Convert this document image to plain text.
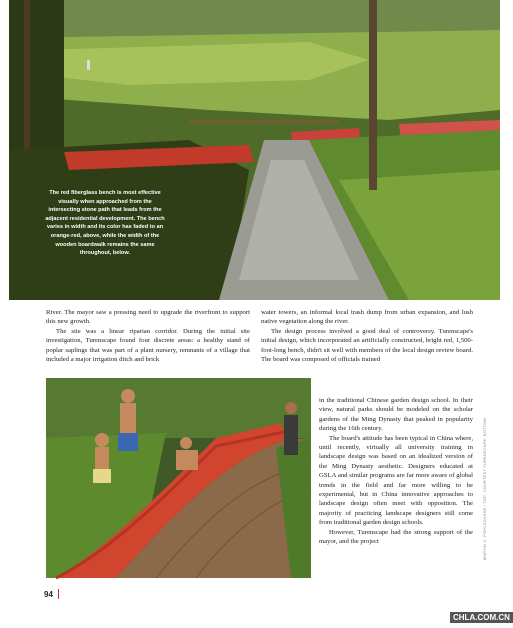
The red fiberglass bench is most effective visually when approached from the intersecting stone path that leads from the adjacent residential development. The bench varies in width and its color has faded to an orange-red, above, while the width of the wooden boardwalk remains the same throughout, below.

River. The mayor saw a pressing need to upgrade the riverfront to support this new growth.

The site was a linear riparian corridor. During the initial site investigation, Turenscape found four discrete areas: a healthy stand of poplar saplings that was part of a plant nursery, remnants of a village that included a major irrigation ditch and brick

water towers, an informal local trash dump from urban expansion, and lush native vegetation along the river.

The design process involved a good deal of controversy. Turenscape's initial design, which incorporated an artificially constructed, bright red, 1,500-foot-long bench, didn't sit well with members of the local design review board. The board was composed of officials trained

in the traditional Chinese garden design school. In their view, natural parks should be modeled on the scholar gardens of the Ming Dynasty that peaked in popularity during the 16th century.

The board's attitude has been typical in China where, until recently, virtually all university training in landscape design was based on an idealized version of the Ming Dynasty aesthetic. Designers educated at GSLA and similar programs are far more aware of global trends in the field and far more willing to be experimental, but in China innovative approaches to landscape design often meet with opposition. The majority of practicing landscape designers still come from traditional garden design schools.

However, Turenscape had the strong support of the mayor, and the project	MARTIN C. POHLSGASSE / TOP: COURTESY TURENSCAPE; BOTTOM
94
CHLA.COM.CN
